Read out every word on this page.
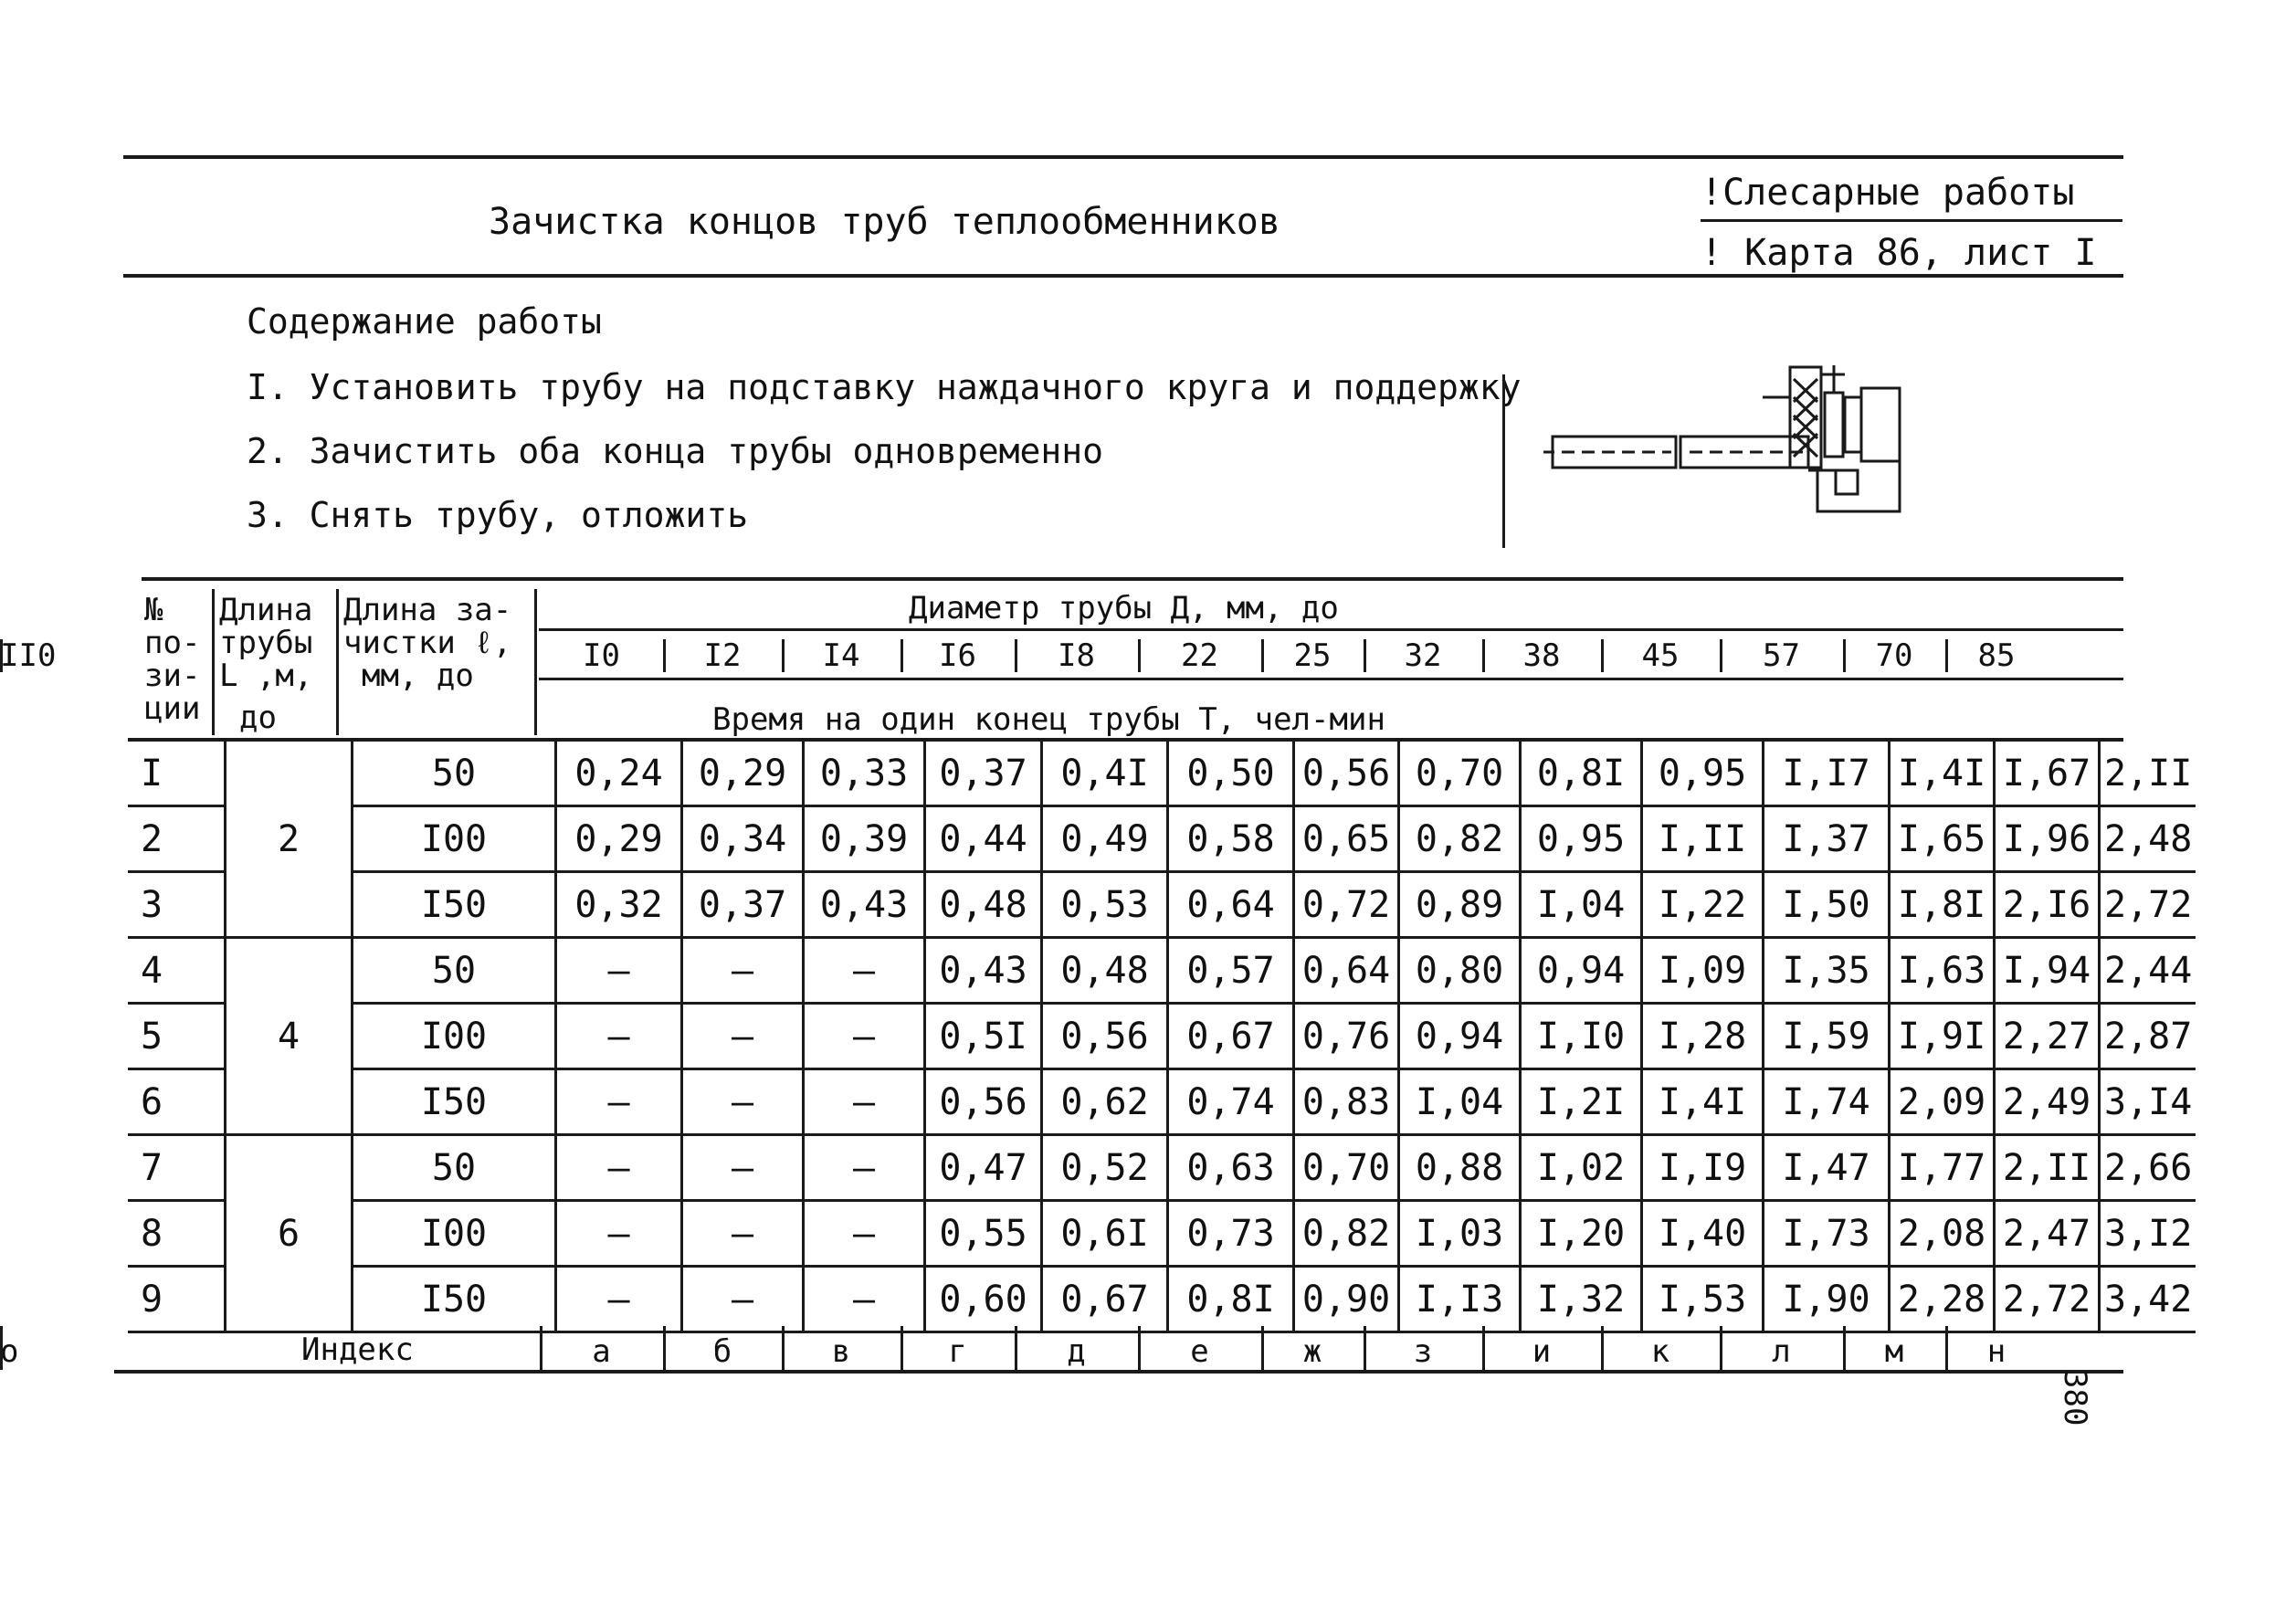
Зачистка концов труб теплообменников
!Слесарные работы
! Карта 86, лист I
Содержание работы
I. Установить трубу на подставку наждачного круга и поддержку
2. Зачистить оба конца трубы одновременно
3. Снять трубу, отложить
№
по-
зи-
ции
Длина
трубы
L ,м,
до
Длина за-
чистки ℓ,
мм, до
Диаметр трубы Д, мм, до
Время на один конец трубы Т, чел-мин
I0	I2	I4	I6	I8	22	25	32	38	45	57	70	85
II0
I	2	50	0,24	0,29	0,33	0,37	0,4I	0,50	0,56	0,70	0,8I	0,95	I,I7	I,4I	I,67	2,II
2		I00	0,29	0,34	0,39	0,44	0,49	0,58	0,65	0,82	0,95	I,II	I,37	I,65	I,96	2,48
3		I50	0,32	0,37	0,43	0,48	0,53	0,64	0,72	0,89	I,04	I,22	I,50	I,8I	2,I6	2,72
4	4	50	–	–	–	0,43	0,48	0,57	0,64	0,80	0,94	I,09	I,35	I,63	I,94	2,44
5		I00	–	–	–	0,5I	0,56	0,67	0,76	0,94	I,I0	I,28	I,59	I,9I	2,27	2,87
6		I50	–	–	–	0,56	0,62	0,74	0,83	I,04	I,2I	I,4I	I,74	2,09	2,49	3,I4
7	6	50	–	–	–	0,47	0,52	0,63	0,70	0,88	I,02	I,I9	I,47	I,77	2,II	2,66
8		I00	–	–	–	0,55	0,6I	0,73	0,82	I,03	I,20	I,40	I,73	2,08	2,47	3,I2
9		I50	–	–	–	0,60	0,67	0,8I	0,90	I,I3	I,32	I,53	I,90	2,28	2,72	3,42
Индекс	а	б	в	г	д	е	ж	з	и	к	л	м	н
о
380
